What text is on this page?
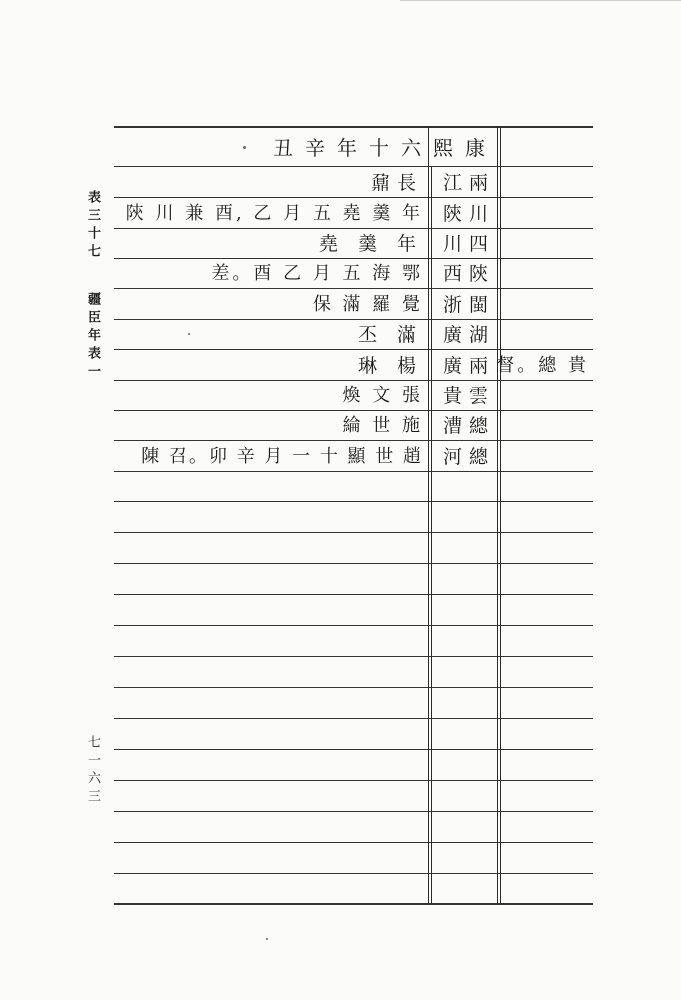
表三十七
疆臣年表一
七一六三
丑辛年十六熙康
江兩
陝川
川四
西陝
浙閩
廣湖
廣兩
貴雲
漕總
河總
鼐長
陝 川 兼 酉, 乙 月 五 堯 羹 年
堯 羹 年
差。酉 乙 月 五 海 鄂
保 滿 羅 覺
丕 滿
琳 楊
煥 文 張
綸 世 施
陳 召。卯 辛 月 一 十 顯 世 趙
督。總 貴
